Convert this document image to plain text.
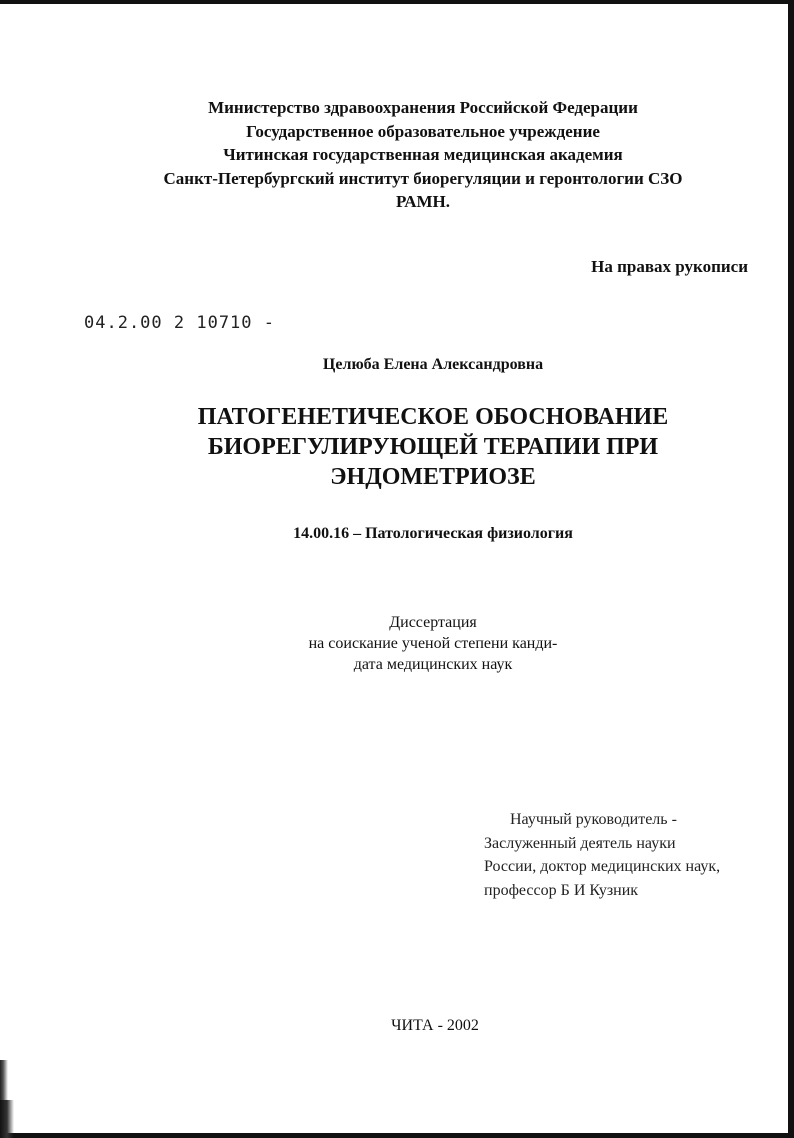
Министерство здравоохранения Российской Федерации
Государственное образовательное учреждение
Читинская государственная медицинская академия
Санкт-Петербургский институт биорегуляции и геронтологии СЗО
РАМН.
На правах рукописи
04.2.00 2 10710 -
Целюба Елена Александровна
ПАТОГЕНЕТИЧЕСКОЕ ОБОСНОВАНИЕ
БИОРЕГУЛИРУЮЩЕЙ ТЕРАПИИ ПРИ
ЭНДОМЕТРИОЗЕ
14.00.16 – Патологическая физиология
Диссертация
на соискание ученой степени канди-
дата медицинских наук
Научный руководитель -
Заслуженный деятель науки
России, доктор медицинских наук,
профессор Б И Кузник
ЧИТА - 2002
